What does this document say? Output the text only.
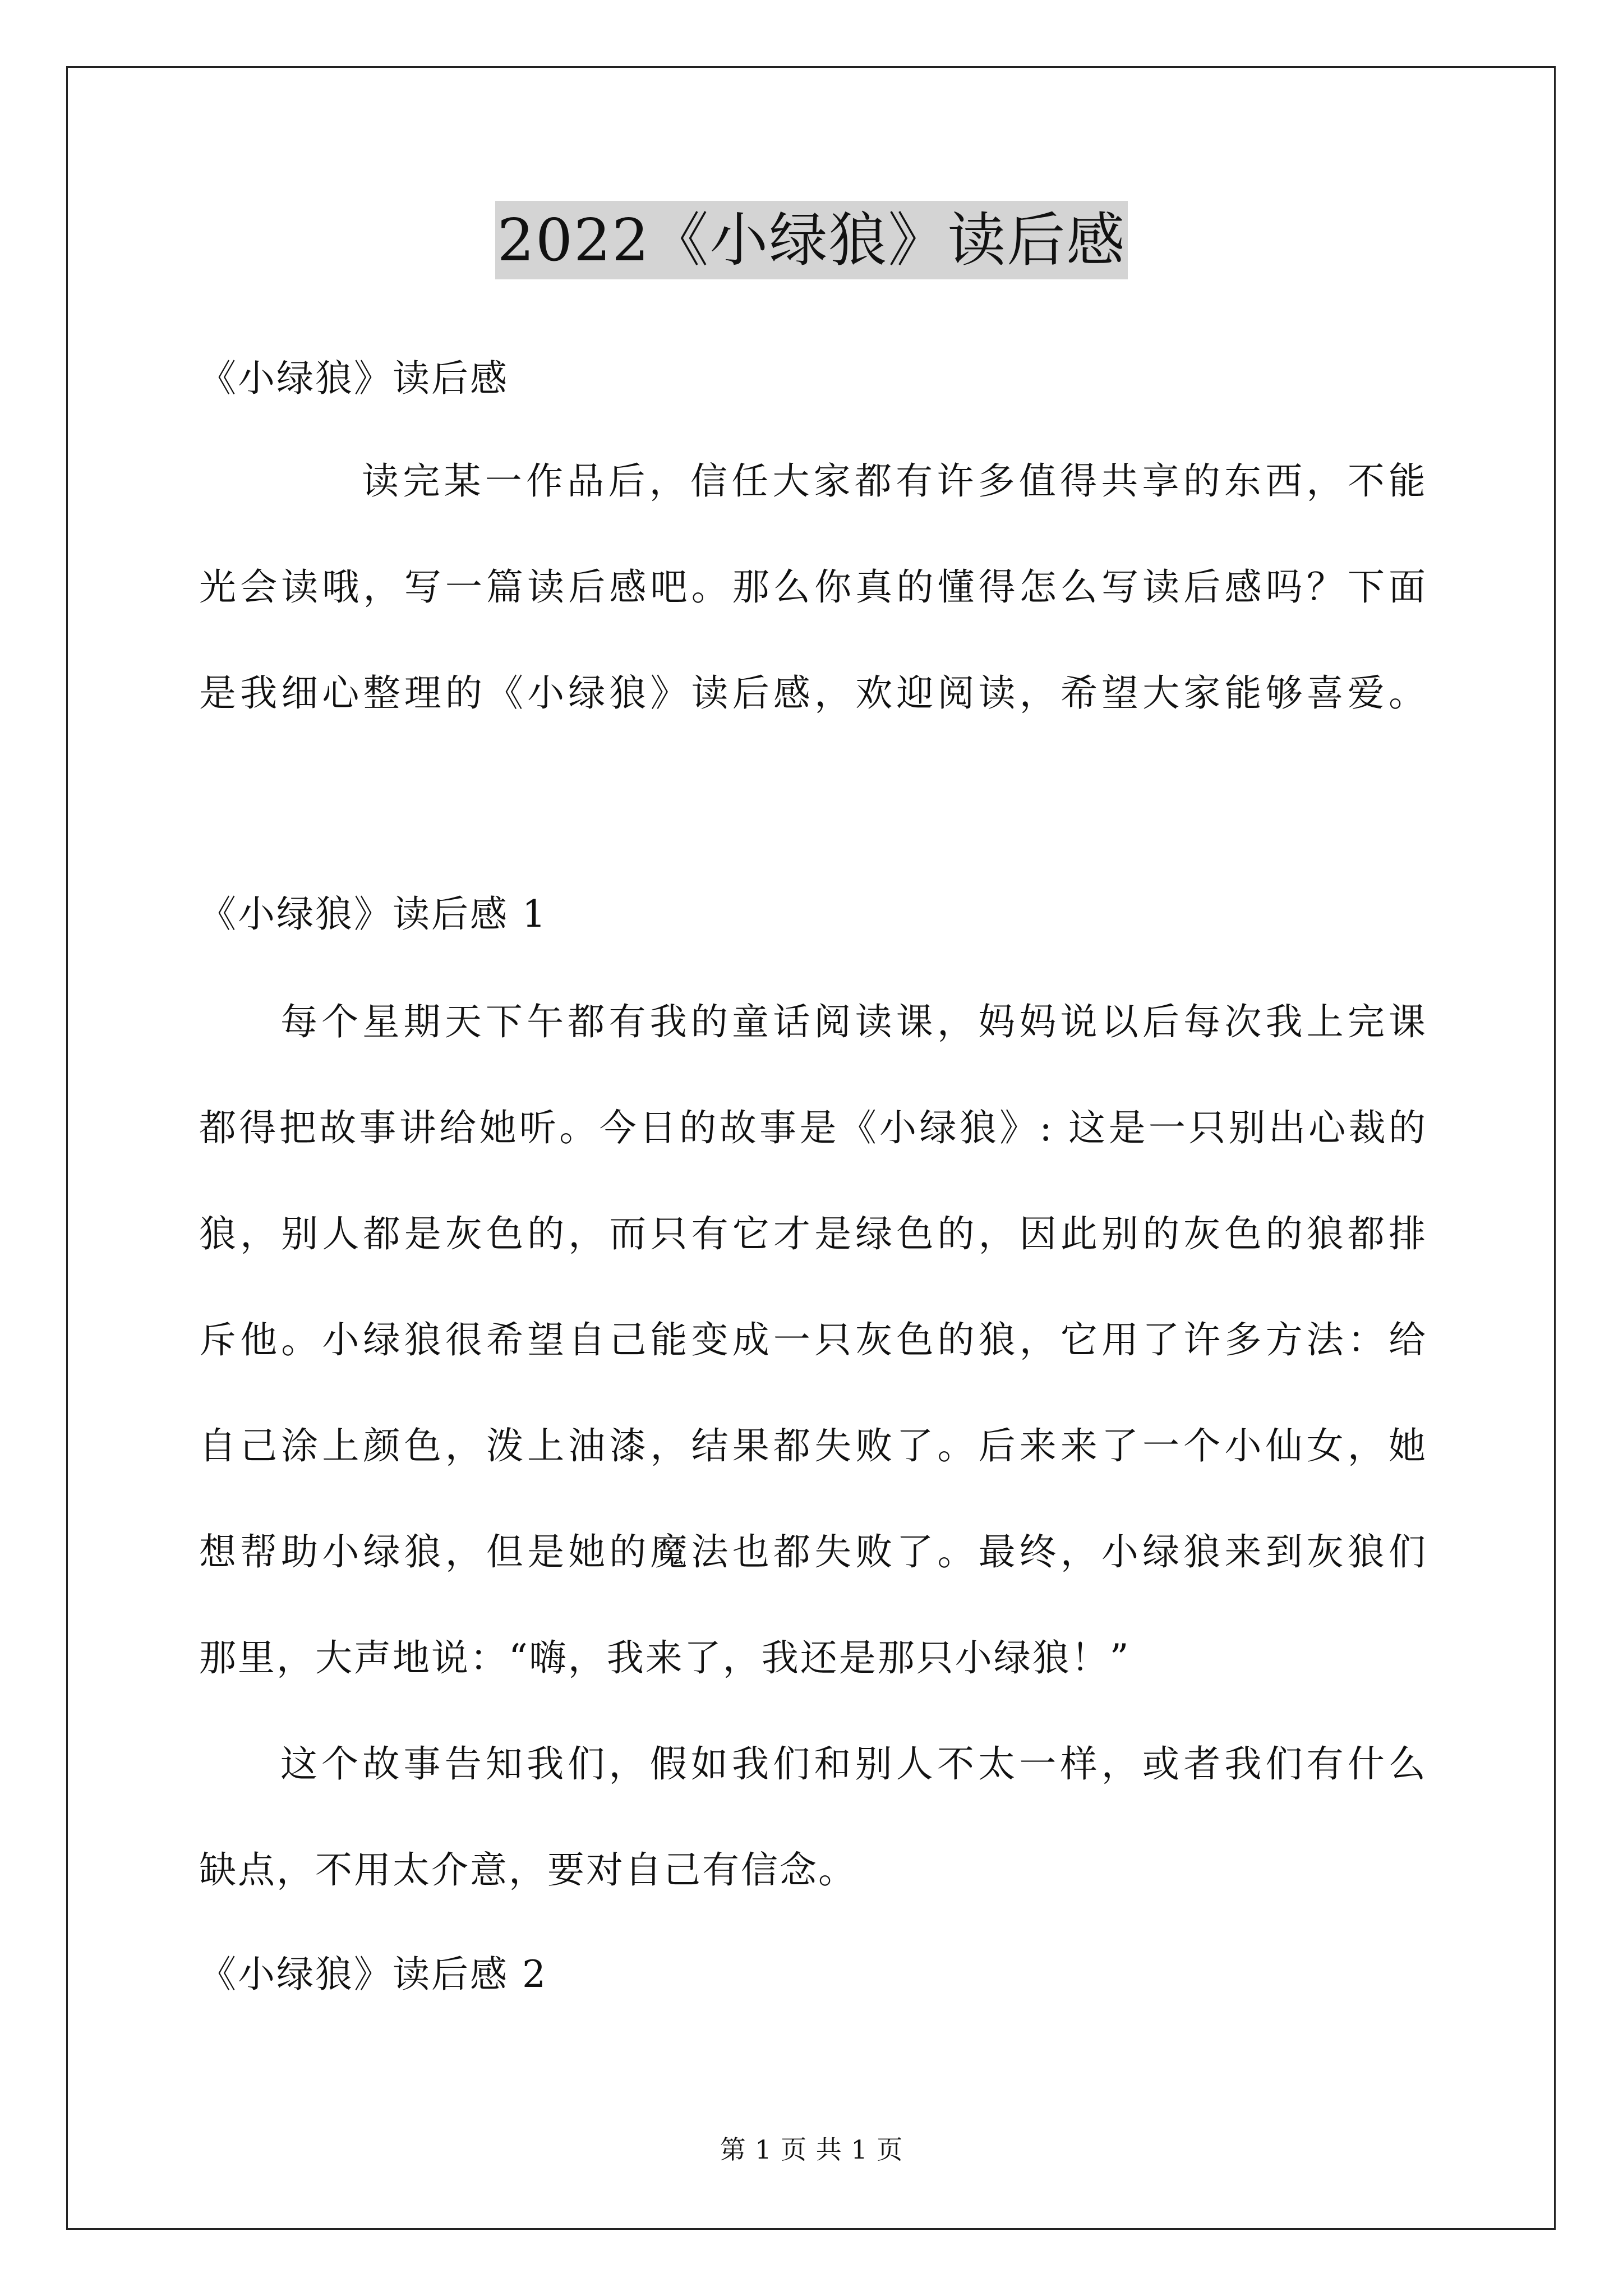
2022《小绿狼》读后感
《小绿狼》读后感
读完某一作品后，信任大家都有许多值得共享的东西，不能
光会读哦，写一篇读后感吧。那么你真的懂得怎么写读后感吗？下面
是我细心整理的《小绿狼》读后感，欢迎阅读，希望大家能够喜爱。
《小绿狼》读后感 1
每个星期天下午都有我的童话阅读课，妈妈说以后每次我上完课
都得把故事讲给她听。今日的故事是《小绿狼》: 这是一只别出心裁的
狼，别人都是灰色的，而只有它才是绿色的，因此别的灰色的狼都排
斥他。小绿狼很希望自己能变成一只灰色的狼，它用了许多方法：给
自己涂上颜色，泼上油漆，结果都失败了。后来来了一个小仙女，她
想帮助小绿狼，但是她的魔法也都失败了。最终，小绿狼来到灰狼们
那里，大声地说：“嗨，我来了，我还是那只小绿狼！”
这个故事告知我们，假如我们和别人不太一样，或者我们有什么
缺点，不用太介意，要对自己有信念。
《小绿狼》读后感 2
第 1 页 共 1 页
